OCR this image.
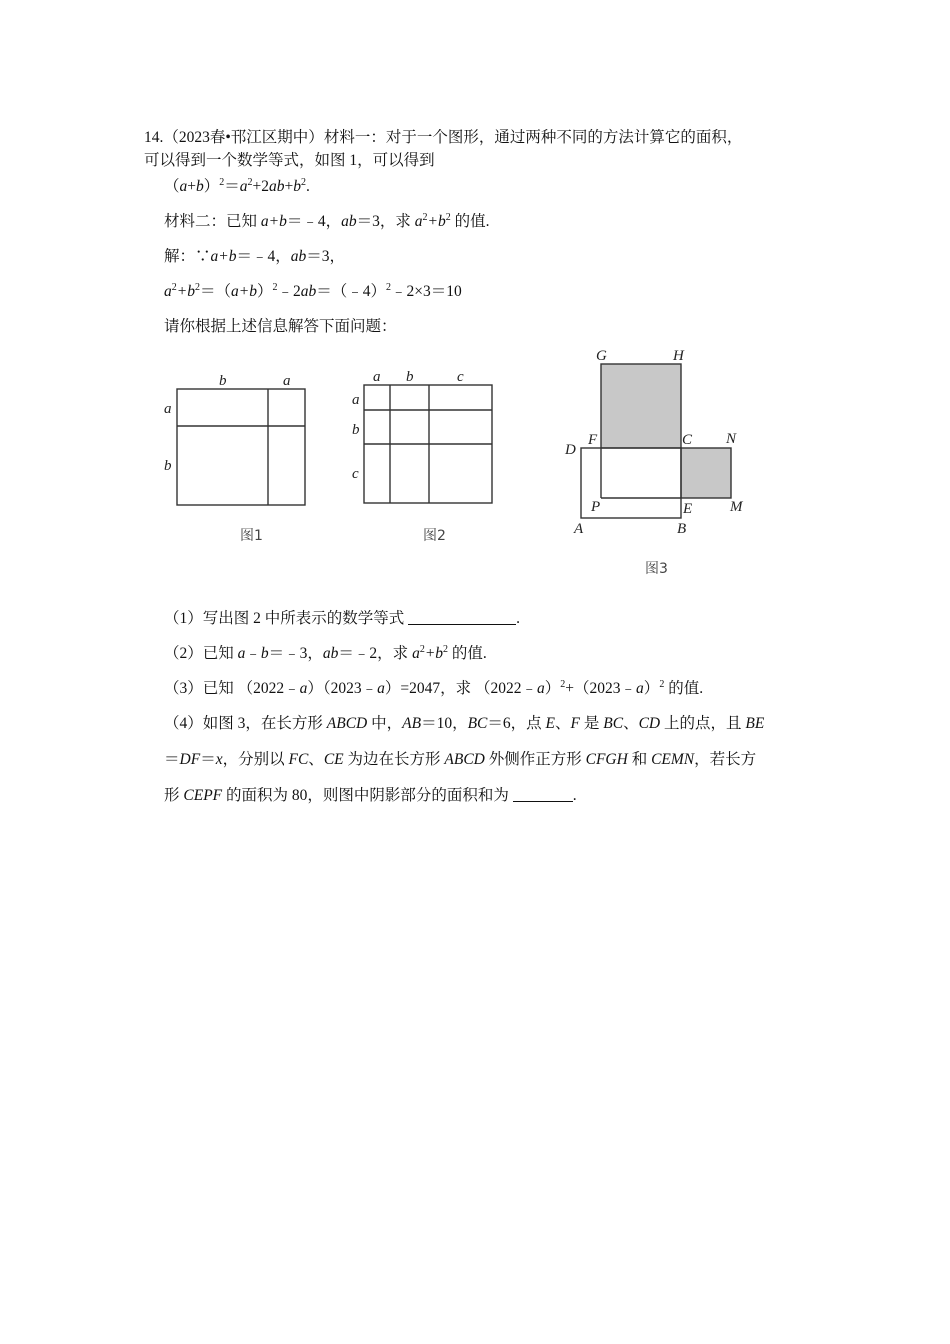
14.（2023春•邗江区期中）材料一：对于一个图形，通过两种不同的方法计算它的面积，
可以得到一个数学等式，如图 1，可以得到
$(a+b)^2=a^2+2ab+b^2$.
材料二：已知 a+b＝﹣4，ab＝3，求 $a^2+b^2$ 的值.
解：∵a+b＝﹣4，ab＝3，
$a^2+b^2=(a+b)^2﹣2ab=(﹣4)^2﹣2\times 3=10$
请你根据上述信息解答下面问题：
b	a
a
b
图1
a b	c
a
b
c
图2
G	H
D
F	C N
P	E	M
A	B
图3
（1）写出图 2 中所表示的数学等式	.
（2）已知 a﹣b＝﹣3，ab＝﹣2，求 $a^2+b^2$ 的值.
（3）已知 （2022﹣a）（2023﹣a）=2047，求 （2022﹣a）$^2$+（2023﹣a）$^2$ 的值.
（4）如图 3，在长方形 ABCD 中，AB＝10，BC＝6，点 E、F 是 BC、CD 上的点，且 BE
＝DF＝x，分别以 FC、CE 为边在长方形 ABCD 外侧作正方形 CFGH 和 CEMN，若长方
形 CEPF 的面积为 80，则图中阴影部分的面积和为	.
